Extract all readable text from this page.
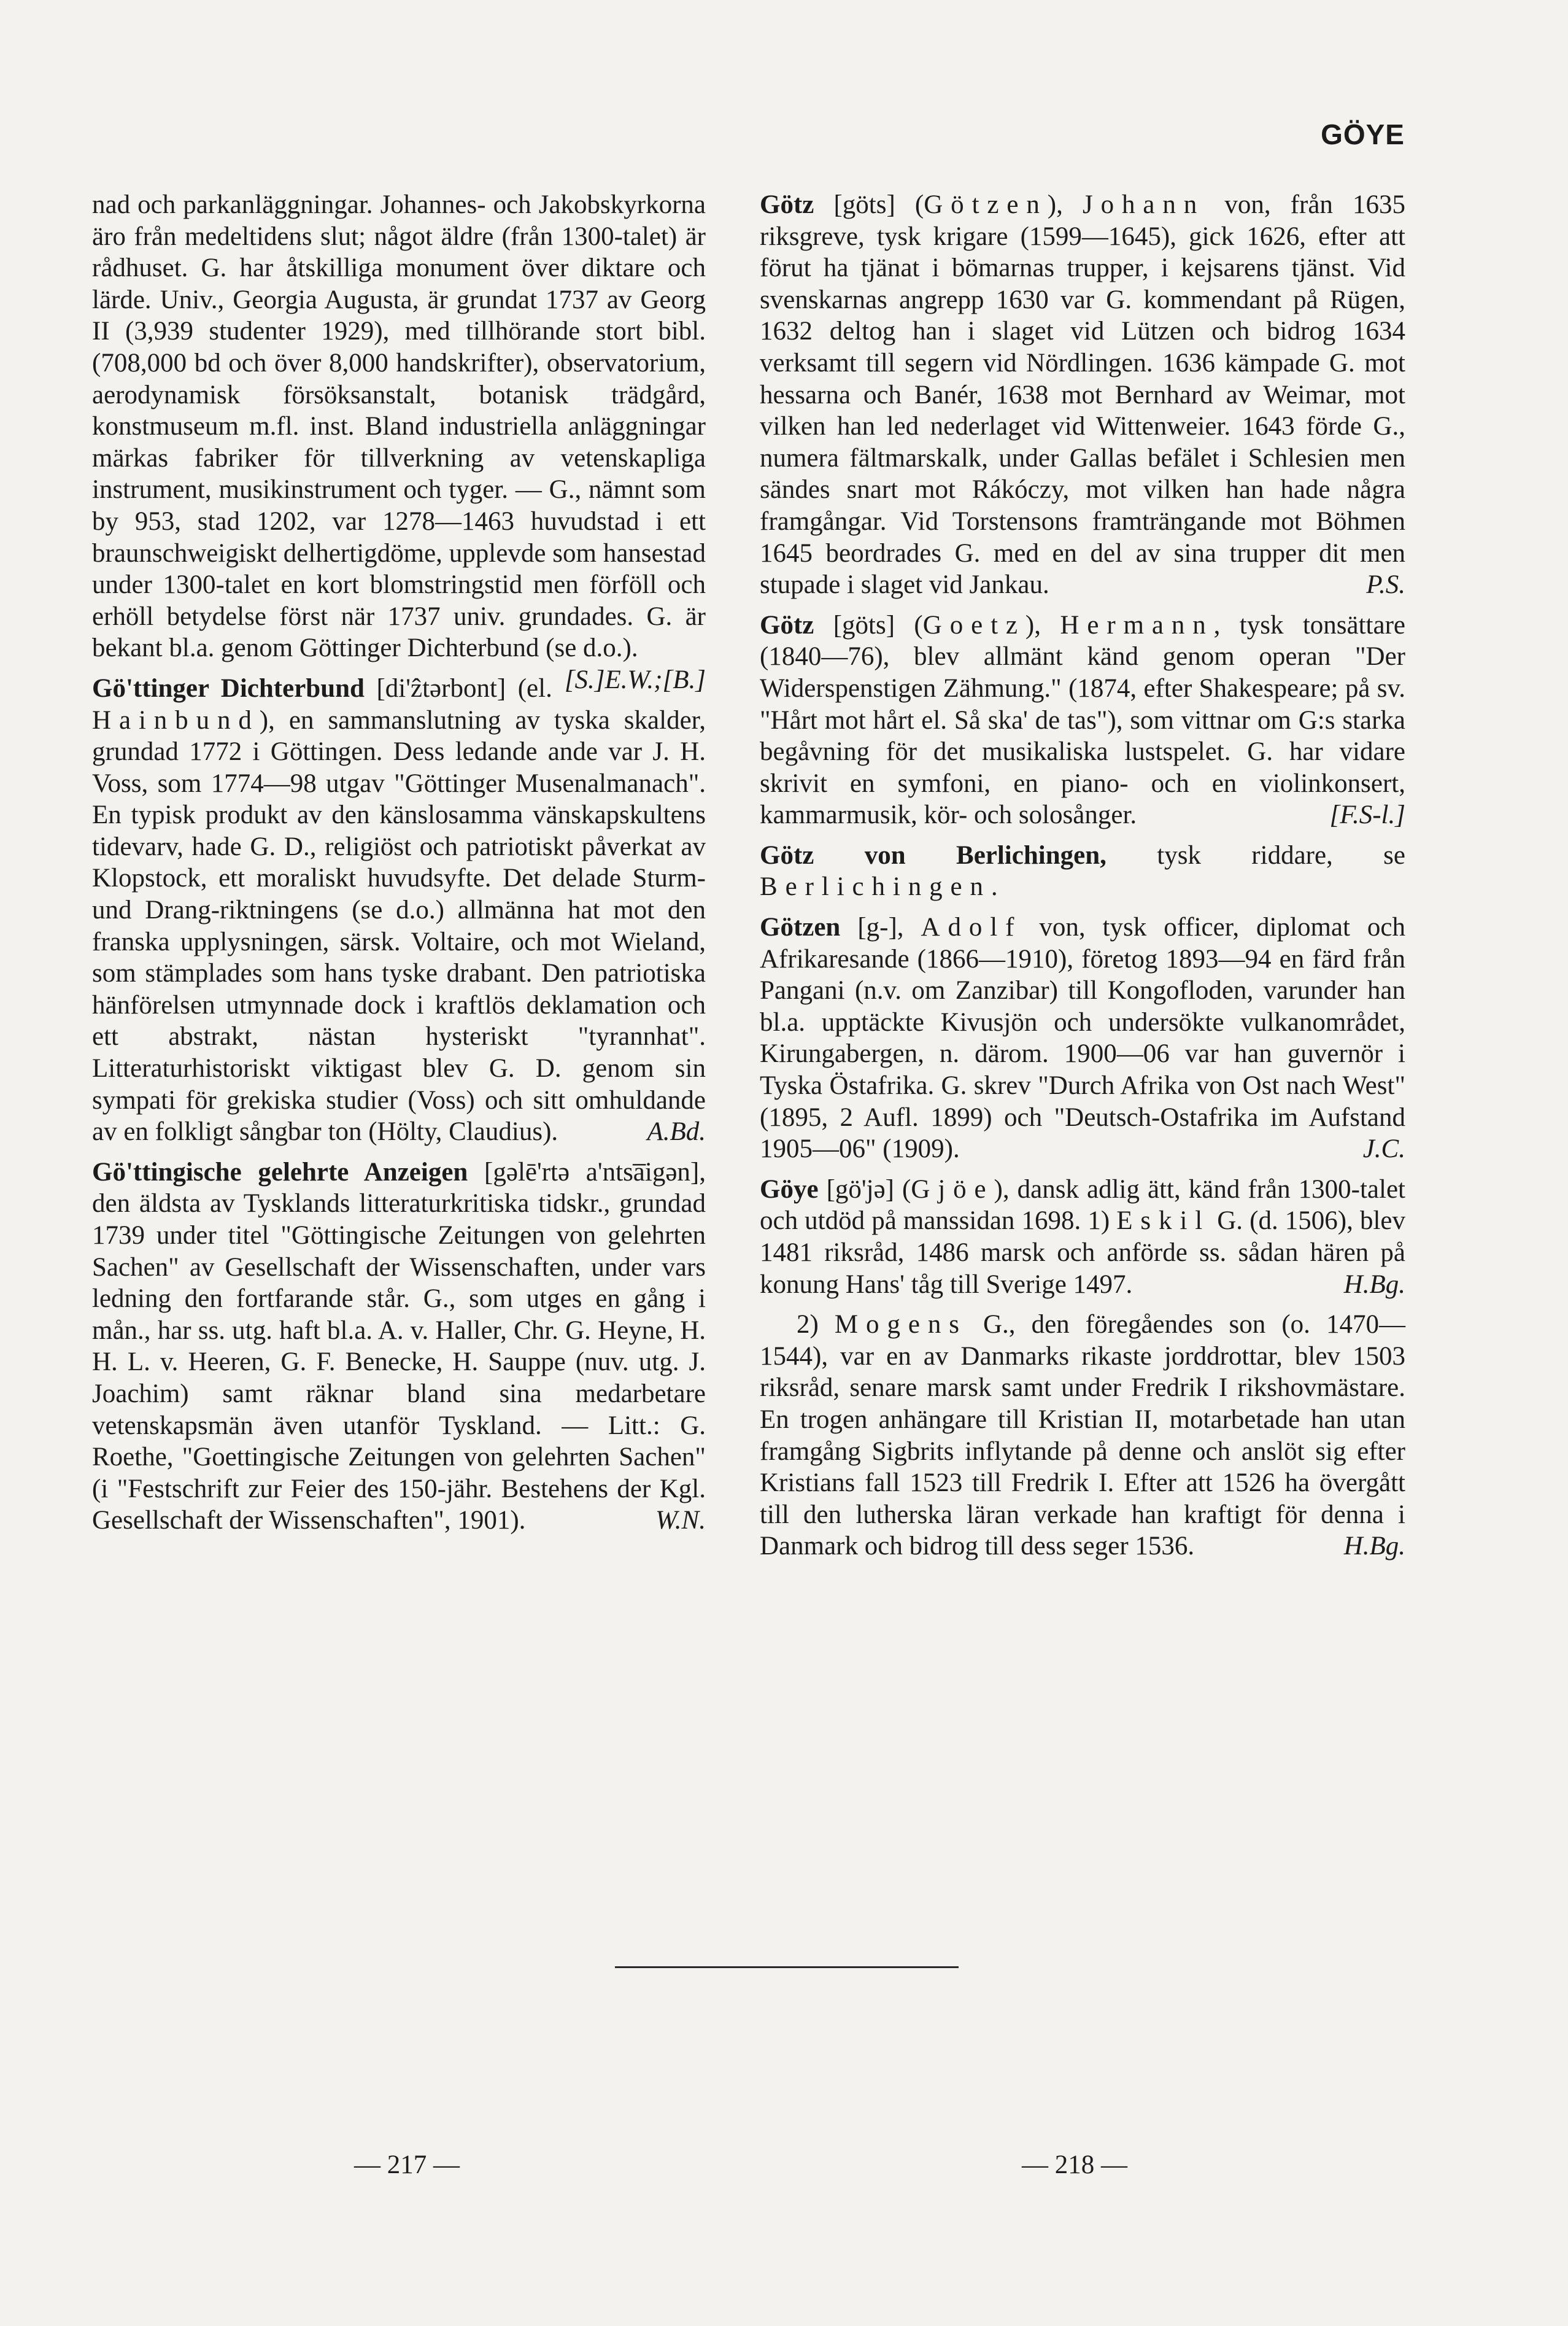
GÖYE

nad och parkanläggningar. Johannes- och Jakobskyrkorna äro från medeltidens slut; något äldre (från 1300-talet) är rådhuset. G. har åtskilliga monument över diktare och lärde. Univ., Georgia Augusta, är grundat 1737 av Georg II (3,939 studenter 1929), med tillhörande stort bibl. (708,000 bd och över 8,000 handskrifter), observatorium, aerodynamisk försöksanstalt, botanisk trädgård, konstmuseum m.fl. inst. Bland industriella anläggningar märkas fabriker för tillverkning av vetenskapliga instrument, musikinstrument och tyger. — G., nämnt som by 953, stad 1202, var 1278—1463 huvudstad i ett braunschweigiskt delhertigdöme, upplevde som hansestad under 1300-talet en kort blomstringstid men förföll och erhöll betydelse först när 1737 univ. grundades. G. är bekant bl.a. genom Göttinger Dichterbund (se d.o.).
[S.]E.W.;[B.]

Gö'ttinger Dichterbund [di'ẑtərbont] (el. Hainbund), en sammanslutning av tyska skalder, grundad 1772 i Göttingen. Dess ledande ande var J. H. Voss, som 1774—98 utgav "Göttinger Musenalmanach". En typisk produkt av den känslosamma vänskapskultens tidevarv, hade G. D., religiöst och patriotiskt påverkat av Klopstock, ett moraliskt huvudsyfte. Det delade Sturm- und Drang-riktningens (se d.o.) allmänna hat mot den franska upplysningen, särsk. Voltaire, och mot Wieland, som stämplades som hans tyske drabant. Den patriotiska hänförelsen utmynnade dock i kraftlös deklamation och ett abstrakt, nästan hysteriskt "tyrannhat". Litteraturhistoriskt viktigast blev G. D. genom sin sympati för grekiska studier (Voss) och sitt omhuldande av en folkligt sångbar ton (Hölty, Claudius).	A.Bd.

Gö'ttingische gelehrte Anzeigen [gəlē'rtə a'ntsa̅igən], den äldsta av Tysklands litteraturkritiska tidskr., grundad 1739 under titel "Göttingische Zeitungen von gelehrten Sachen" av Gesellschaft der Wissenschaften, under vars ledning den fortfarande står. G., som utges en gång i mån., har ss. utg. haft bl.a. A. v. Haller, Chr. G. Heyne, H. H. L. v. Heeren, G. F. Benecke, H. Sauppe (nuv. utg. J. Joachim) samt räknar bland sina medarbetare vetenskapsmän även utanför Tyskland. — Litt.: G. Roethe, "Goettingische Zeitungen von gelehrten Sachen" (i "Festschrift zur Feier des 150-jähr. Bestehens der Kgl. Gesellschaft der Wissenschaften", 1901).	W.N.

Götz [göts] (Götzen), Johann von, från 1635 riksgreve, tysk krigare (1599—1645), gick 1626, efter att förut ha tjänat i bömarnas trupper, i kejsarens tjänst. Vid svenskarnas angrepp 1630 var G. kommendant på Rügen, 1632 deltog han i slaget vid Lützen och bidrog 1634 verksamt till segern vid Nördlingen. 1636 kämpade G. mot hessarna och Banér, 1638 mot Bernhard av Weimar, mot vilken han led nederlaget vid Wittenweier. 1643 förde G., numera fältmarskalk, under Gallas befälet i Schlesien men sändes snart mot Rákóczy, mot vilken han hade några framgångar. Vid Torstensons framträngande mot Böhmen 1645 beordrades G. med en del av sina trupper dit men stupade i slaget vid Jankau.	P.S.

Götz [göts] (Goetz), Hermann, tysk tonsättare (1840—76), blev allmänt känd genom operan "Der Widerspenstigen Zähmung." (1874, efter Shakespeare; på sv. "Hårt mot hårt el. Så ska' de tas"), som vittnar om G:s starka begåvning för det musikaliska lustspelet. G. har vidare skrivit en symfoni, en piano- och en violinkonsert, kammarmusik, kör- och solosånger.	[F.S-l.]

Götz von Berlichingen, tysk riddare, se Berlichingen.

Götzen [g-], Adolf von, tysk officer, diplomat och Afrikaresande (1866—1910), företog 1893—94 en färd från Pangani (n.v. om Zanzibar) till Kongofloden, varunder han bl.a. upptäckte Kivusjön och undersökte vulkanområdet, Kirungabergen, n. därom. 1900—06 var han guvernör i Tyska Östafrika. G. skrev "Durch Afrika von Ost nach West" (1895, 2 Aufl. 1899) och "Deutsch-Ostafrika im Aufstand 1905—06" (1909).	J.C.

Göye [gö'jə] (Gjöe), dansk adlig ätt, känd från 1300-talet och utdöd på manssidan 1698. 1) Eskil G. (d. 1506), blev 1481 riksråd, 1486 marsk och anförde ss. sådan hären på konung Hans' tåg till Sverige 1497.	H.Bg.

2) Mogens G., den föregåendes son (o. 1470—1544), var en av Danmarks rikaste jorddrottar, blev 1503 riksråd, senare marsk samt under Fredrik I rikshovmästare. En trogen anhängare till Kristian II, motarbetade han utan framgång Sigbrits inflytande på denne och anslöt sig efter Kristians fall 1523 till Fredrik I. Efter att 1526 ha övergått till den lutherska läran verkade han kraftigt för denna i Danmark och bidrog till dess seger 1536.	H.Bg.

— 217 —	— 218 —
